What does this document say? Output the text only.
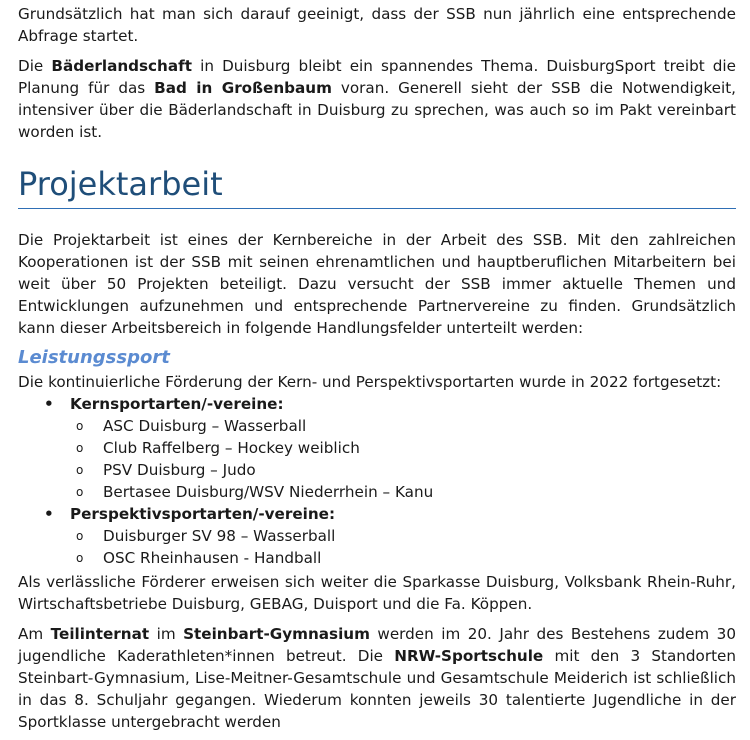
Grundsätzlich hat man sich darauf geeinigt, dass der SSB nun jährlich eine entsprechende Abfrage startet.

Die Bäderlandschaft in Duisburg bleibt ein spannendes Thema. DuisburgSport treibt die Planung für das Bad in Großenbaum voran. Generell sieht der SSB die Notwendigkeit, intensiver über die Bäderlandschaft in Duisburg zu sprechen, was auch so im Pakt vereinbart worden ist.

Projektarbeit

Die Projektarbeit ist eines der Kernbereiche in der Arbeit des SSB. Mit den zahlreichen Kooperationen ist der SSB mit seinen ehrenamtlichen und hauptberuflichen Mitarbeitern bei weit über 50 Projekten beteiligt. Dazu versucht der SSB immer aktuelle Themen und Entwicklungen aufzunehmen und entsprechende Partnervereine zu finden. Grundsätzlich kann dieser Arbeitsbereich in folgende Handlungsfelder unterteilt werden:

Leistungssport

Die kontinuierliche Förderung der Kern- und Perspektivsportarten wurde in 2022 fortgesetzt:

• Kernsportarten/-vereine:
o ASC Duisburg – Wasserball
o Club Raffelberg – Hockey weiblich
o PSV Duisburg – Judo
o Bertasee Duisburg/WSV Niederrhein – Kanu
• Perspektivsportarten/-vereine:
o Duisburger SV 98 – Wasserball
o OSC Rheinhausen - Handball

Als verlässliche Förderer erweisen sich weiter die Sparkasse Duisburg, Volksbank Rhein-Ruhr, Wirtschaftsbetriebe Duisburg, GEBAG, Duisport und die Fa. Köppen.

Am Teilinternat im Steinbart-Gymnasium werden im 20. Jahr des Bestehens zudem 30 jugendliche Kaderathleten*innen betreut. Die NRW-Sportschule mit den 3 Standorten Steinbart-Gymnasium, Lise-Meitner-Gesamtschule und Gesamtschule Meiderich ist schließlich in das 8. Schuljahr gegangen. Wiederum konnten jeweils 30 talentierte Jugendliche in der Sportklasse untergebracht werden
